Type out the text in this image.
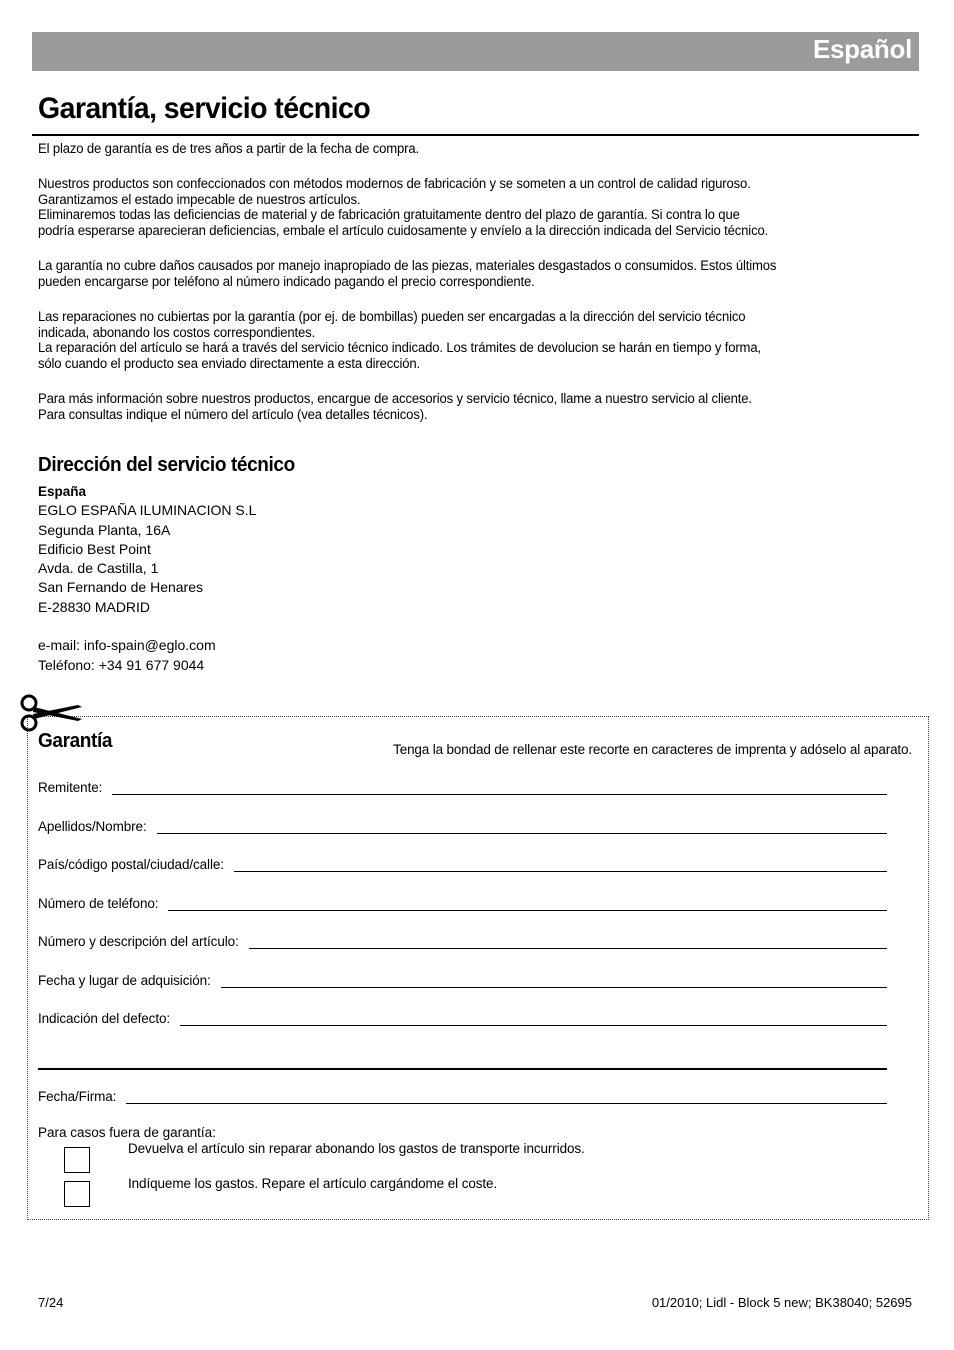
Español
Garantía, servicio técnico

El plazo de garantía es de tres años a partir de la fecha de compra.

Nuestros productos son confeccionados con métodos modernos de fabricación y se someten a un control de calidad riguroso.
Garantizamos el estado impecable de nuestros artículos.
Eliminaremos todas las deficiencias de material y de fabricación gratuitamente dentro del plazo de garantía. Si contra lo que
podría esperarse aparecieran deficiencias, embale el artículo cuidosamente y envíelo a la dirección indicada del Servicio técnico.

La garantía no cubre daños causados por manejo inapropiado de las piezas, materiales desgastados o consumidos. Estos últimos
pueden encargarse por teléfono al número indicado pagando el precio correspondiente.

Las reparaciones no cubiertas por la garantía (por ej. de bombillas) pueden ser encargadas a la dirección del servicio técnico
indicada, abonando los costos correspondientes.
La reparación del artículo se hará a través del servicio técnico indicado. Los trámites de devolucion se harán en tiempo y forma,
sólo cuando el producto sea enviado directamente a esta dirección.

Para más información sobre nuestros productos, encargue de accesorios y servicio técnico, llame a nuestro servicio al cliente.
Para consultas indique el número del artículo (vea detalles técnicos).

Dirección del servicio técnico
España
EGLO ESPAÑA ILUMINACION S.L
Segunda Planta, 16A
Edificio Best Point
Avda. de Castilla, 1
San Fernando de Henares
E-28830 MADRID
e-mail: info-spain@eglo.com
Teléfono: +34 91 677 9044
Garantía	Tenga la bondad de rellenar este recorte en caracteres de imprenta y adóselo al aparato.

Remitente:
Apellidos/Nombre:
País/código postal/ciudad/calle:
Número de teléfono:
Número y descripción del artículo:
Fecha y lugar de adquisición:
Indicación del defecto:
Fecha/Firma:

Para casos fuera de garantía:

Devuelva el artículo sin reparar abonando los gastos de transporte incurridos.

Indíqueme los gastos. Repare el artículo cargándome el coste.

7/24	01/2010; Lidl - Block 5 new; BK38040; 52695
